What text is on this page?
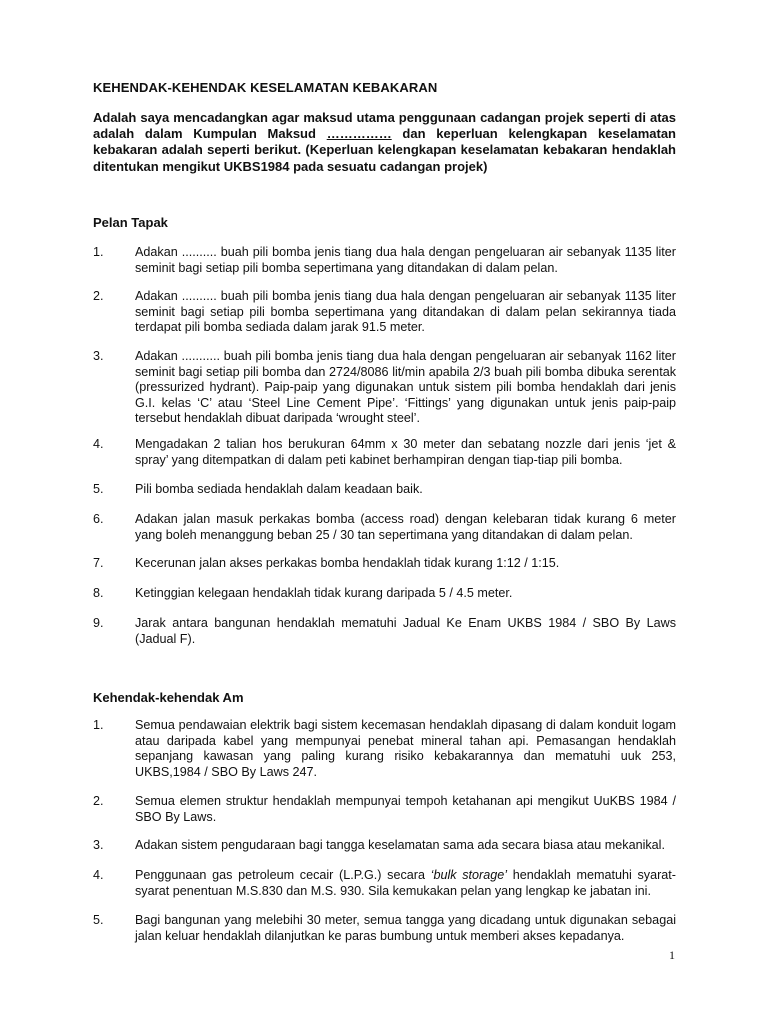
KEHENDAK-KEHENDAK KESELAMATAN KEBAKARAN
Adalah saya mencadangkan agar maksud utama penggunaan cadangan projek seperti di atas adalah dalam Kumpulan Maksud …………… dan keperluan kelengkapan keselamatan kebakaran adalah seperti berikut. (Keperluan kelengkapan keselamatan kebakaran hendaklah ditentukan mengikut UKBS1984 pada sesuatu cadangan projek)
Pelan Tapak
1. Adakan .......... buah pili bomba jenis tiang dua hala dengan pengeluaran air sebanyak 1135 liter seminit bagi setiap pili bomba sepertimana yang ditandakan di dalam pelan.
2. Adakan .......... buah pili bomba jenis tiang dua hala dengan pengeluaran air sebanyak 1135 liter seminit bagi setiap pili bomba sepertimana yang ditandakan di dalam pelan sekirannya tiada terdapat pili bomba sediada dalam jarak 91.5 meter.
3. Adakan ........... buah pili bomba jenis tiang dua hala dengan pengeluaran air sebanyak 1162 liter seminit bagi setiap pili bomba dan 2724/8086 lit/min apabila 2/3 buah pili bomba dibuka serentak (pressurized hydrant). Paip-paip yang digunakan untuk sistem pili bomba hendaklah dari jenis G.I. kelas ‘C’ atau ‘Steel Line Cement Pipe’. ‘Fittings’ yang digunakan untuk jenis paip-paip tersebut hendaklah dibuat daripada ‘wrought steel’.
4. Mengadakan 2 talian hos berukuran 64mm x 30 meter dan sebatang nozzle dari jenis ‘jet & spray’ yang ditempatkan di dalam peti kabinet berhampiran dengan tiap-tiap pili bomba.
5. Pili bomba sediada hendaklah dalam keadaan baik.
6. Adakan jalan masuk perkakas bomba (access road) dengan kelebaran tidak kurang 6 meter yang boleh menanggung beban 25 / 30 tan sepertimana yang ditandakan di dalam pelan.
7. Kecerunan jalan akses perkakas bomba hendaklah tidak kurang 1:12 / 1:15.
8. Ketinggian kelegaan hendaklah tidak kurang daripada 5 / 4.5 meter.
9. Jarak antara bangunan hendaklah mematuhi Jadual Ke Enam UKBS 1984 / SBO By Laws (Jadual F).
Kehendak-kehendak Am
1. Semua pendawaian elektrik bagi sistem kecemasan hendaklah dipasang di dalam konduit logam atau daripada kabel yang mempunyai penebat mineral tahan api. Pemasangan hendaklah sepanjang kawasan yang paling kurang risiko kebakarannya dan mematuhi uuk 253, UKBS,1984 / SBO By Laws 247.
2. Semua elemen struktur hendaklah mempunyai tempoh ketahanan api mengikut UuKBS 1984 / SBO By Laws.
3. Adakan sistem pengudaraan bagi tangga keselamatan sama ada secara biasa atau mekanikal.
4. Penggunaan gas petroleum cecair (L.P.G.) secara ‘bulk storage’ hendaklah mematuhi syarat-syarat penentuan M.S.830 dan M.S. 930. Sila kemukakan pelan yang lengkap ke jabatan ini.
5. Bagi bangunan yang melebihi 30 meter, semua tangga yang dicadang untuk digunakan sebagai jalan keluar hendaklah dilanjutkan ke paras bumbung untuk memberi akses kepadanya.
1
